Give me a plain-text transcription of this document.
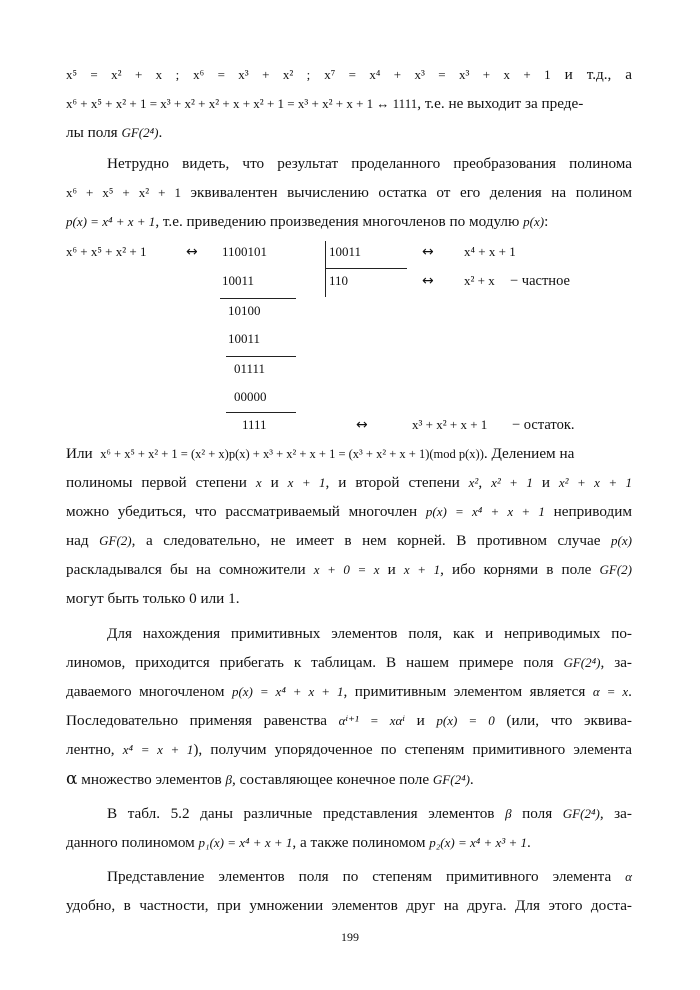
x⁵ = x² + x ; x⁶ = x³ + x² ; x⁷ = x⁴ + x³ = x³ + x + 1 и т.д., а
x⁶ + x⁵ + x² + 1 = x³ + x² + x² + x + x² + 1 = x³ + x² + x + 1 ↔ 1111, т.е. не выходит за преде-
лы поля GF(2⁴).
Нетрудно видеть, что результат проделанного преобразования полинома
x⁶ + x⁵ + x² + 1 эквивалентен вычислению остатка от его деления на полином
p(x) = x⁴ + x + 1, т.е. приведению произведения многочленов по модулю p(x):
x⁶ + x⁵ + x² + 1	↔ 1100101	10011	↔ x⁴ + x + 1
10011	110	↔ x² + x − частное
10100
10011
01111
00000
1111	↔	x³ + x² + x + 1 − остаток.
Или x⁶ + x⁵ + x² + 1 = (x² + x)p(x) + x³ + x² + x + 1 = (x³ + x² + x + 1)(mod p(x)). Делением на
полиномы первой степени x и x + 1, и второй степени x², x² + 1 и x² + x + 1
можно убедиться, что рассматриваемый многочлен p(x) = x⁴ + x + 1 неприводим
над GF(2), а следовательно, не имеет в нем корней. В противном случае p(x)
раскладывался бы на сомножители x + 0 = x и x + 1, ибо корнями в поле GF(2)
могут быть только 0 или 1.
Для нахождения примитивных элементов поля, как и неприводимых по-
линомов, приходится прибегать к таблицам. В нашем примере поля GF(2⁴), за-
даваемого многочленом p(x) = x⁴ + x + 1, примитивным элементом является α = x.
Последовательно применяя равенства αⁱ⁺¹ = xαⁱ и p(x) = 0 (или, что эквива-
лентно, x⁴ = x + 1), получим упорядоченное по степеням примитивного элемента
α множество элементов β, составляющее конечное поле GF(2⁴).
В табл. 5.2 даны различные представления элементов β поля GF(2⁴), за-
данного полиномом p₁(x) = x⁴ + x + 1, а также полиномом p₂(x) = x⁴ + x³ + 1.
Представление элементов поля по степеням примитивного элемента α
удобно, в частности, при умножении элементов друг на друга. Для этого доста-
199
